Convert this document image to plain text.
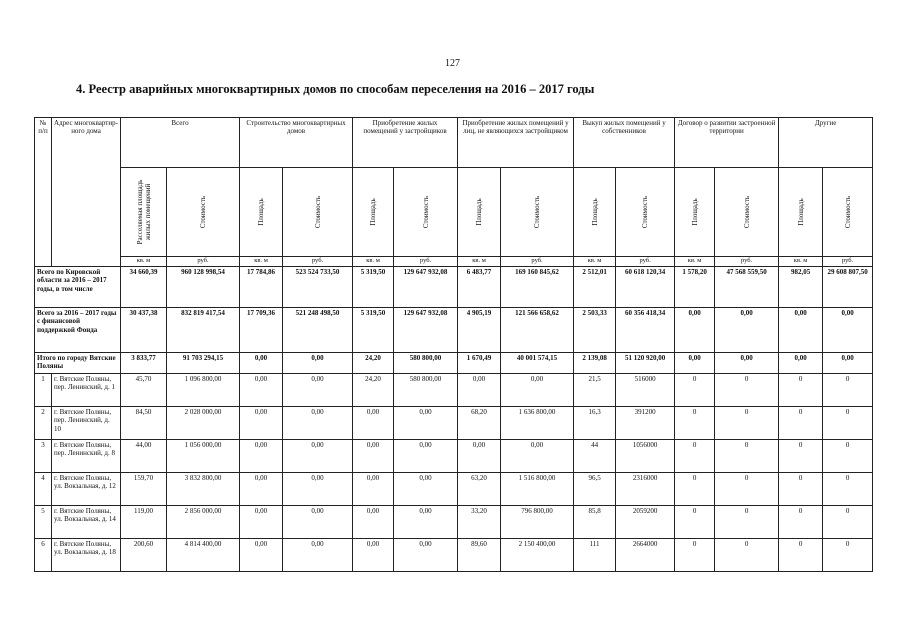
127
4. Реестр аварийных многоквартирных домов по способам переселения на 2016 – 2017 годы
№ п/п	Адрес многоквартир-ного дома	Всего		Строительство многоквартирных домов		Приобретение жилых помещений у застройщиков		Приобретение жилых помещений у лиц, не являющихся застройщиком		Выкуп жилых помещений у собственников		Договор о развитии застроенной территории		Другие	

		Расселяемая площадь жилых помещений	Стоимость	Площадь	Стоимость	Площадь	Стоимость	Площадь	Стоимость	Площадь	Стоимость	Площадь	Стоимость	Площадь	Стоимость

		кв. м	руб.	кв. м	руб.	кв. м	руб.	кв. м	руб.	кв. м	руб.	кв. м	руб.	кв. м	руб.
Всего по Кировской области за 2016 – 2017 годы, в том числе		34 660,39	960 128 998,54	17 784,86	523 524 733,50	5 319,50	129 647 932,08	6 483,77	169 160 845,62	2 512,01	60 618 120,34	1 578,20	47 568 559,50	982,05	29 608 807,50
Всего за 2016 – 2017 годы с финансовой поддержкой Фонда		30 437,38	832 819 417,54	17 709,36	521 248 498,50	5 319,50	129 647 932,08	4 905,19	121 566 658,62	2 503,33	60 356 418,34	0,00	0,00	0,00	0,00
Итого по городу Вятские Поляны		3 833,77	91 703 294,15	0,00	0,00	24,20	580 800,00	1 670,49	40 001 574,15	2 139,08	51 120 920,00	0,00	0,00	0,00	0,00
1	г. Вятские Поляны, пер. Ленинский, д. 1	45,70	1 096 800,00	0,00	0,00	24,20	580 800,00	0,00	0,00	21,5	516000	0	0	0	0
2	г. Вятские Поляны, пер. Ленинский, д. 10	84,50	2 028 000,00	0,00	0,00	0,00	0,00	68,20	1 636 800,00	16,3	391200	0	0	0	0
3	г. Вятские Поляны, пер. Ленинский, д. 8	44,00	1 056 000,00	0,00	0,00	0,00	0,00	0,00	0,00	44	1056000	0	0	0	0
4	г. Вятские Поляны, ул. Вокзальная, д. 12	159,70	3 832 800,00	0,00	0,00	0,00	0,00	63,20	1 516 800,00	96,5	2316000	0	0	0	0
5	г. Вятские Поляны, ул. Вокзальная, д. 14	119,00	2 856 000,00	0,00	0,00	0,00	0,00	33,20	796 800,00	85,8	2059200	0	0	0	0
6	г. Вятские Поляны, ул. Вокзальная, д. 18	200,60	4 814 400,00	0,00	0,00	0,00	0,00	89,60	2 150 400,00	111	2664000	0	0	0	0
